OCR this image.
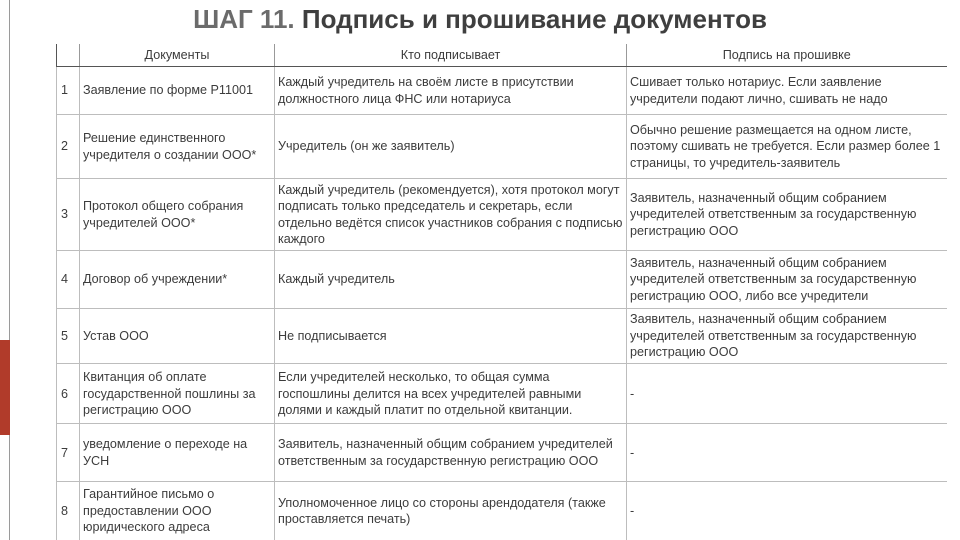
ШАГ 11. Подпись и прошивание документов
	Документы	Кто подписывает	Подпись на прошивке
1	Заявление по форме Р11001	Каждый учредитель на своём листе в присутствии должностного лица ФНС или нотариуса	Сшивает только нотариус. Если заявление учредители подают лично, сшивать не надо
2	Решение единственного учредителя о создании ООО*	Учредитель (он же заявитель)	Обычно решение размещается на одном листе, поэтому сшивать не требуется. Если размер более 1 страницы, то учредитель-заявитель
3	Протокол общего собрания учредителей ООО*	Каждый учредитель (рекомендуется), хотя протокол могут подписать только председатель и секретарь, если отдельно ведётся список участников собрания с подписью каждого	Заявитель, назначенный общим собранием учредителей ответственным за государственную регистрацию ООО
4	Договор об учреждении*	Каждый учредитель	Заявитель, назначенный общим собранием учредителей ответственным за государственную регистрацию ООО, либо все учредители
5	Устав ООО	Не подписывается	Заявитель, назначенный общим собранием учредителей ответственным за государственную регистрацию ООО
6	Квитанция об оплате государственной пошлины за регистрацию ООО	Если учредителей несколько, то общая сумма госпошлины делится на всех учредителей равными долями и каждый платит по отдельной квитанции.	-
7	уведомление о переходе на УСН	Заявитель, назначенный общим собранием учредителей ответственным за государственную регистрацию ООО	-
8	Гарантийное письмо о предоставлении ООО юридического адреса	Уполномоченное лицо со стороны арендодателя (также проставляется печать)	-
